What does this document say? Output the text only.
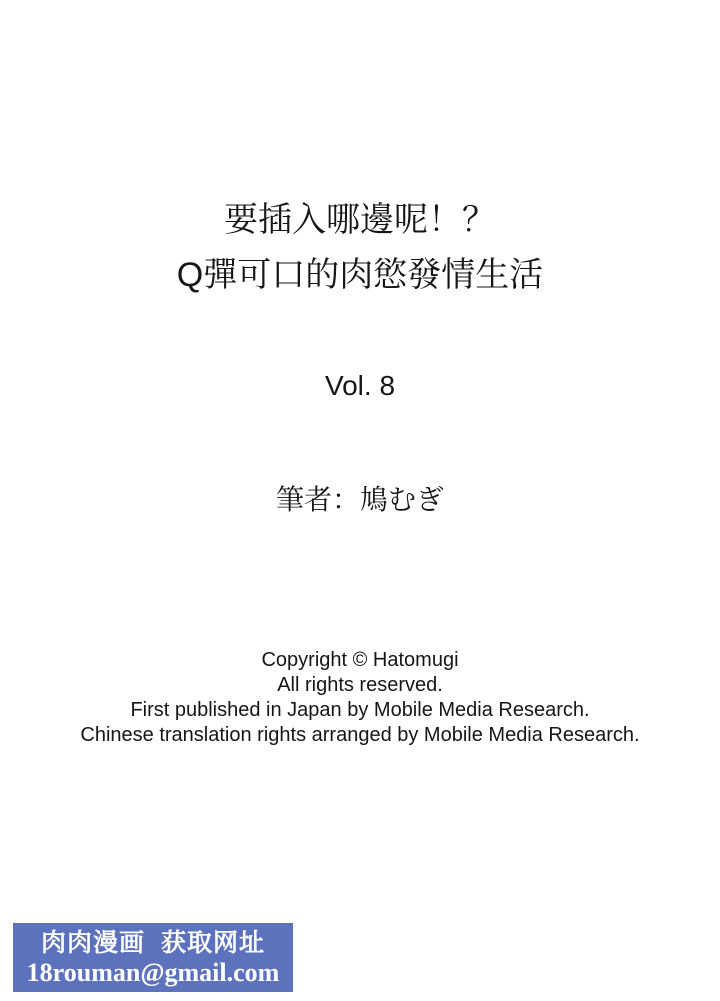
要插入哪邊呢！？
Q彈可口的肉慾發情生活
Vol. 8
筆者：鳩むぎ
Copyright © Hatomugi
All rights reserved.
First published in Japan by Mobile Media Research.
Chinese translation rights arranged by Mobile Media Research.
肉肉漫画 获取网址
18rouman@gmail.com
